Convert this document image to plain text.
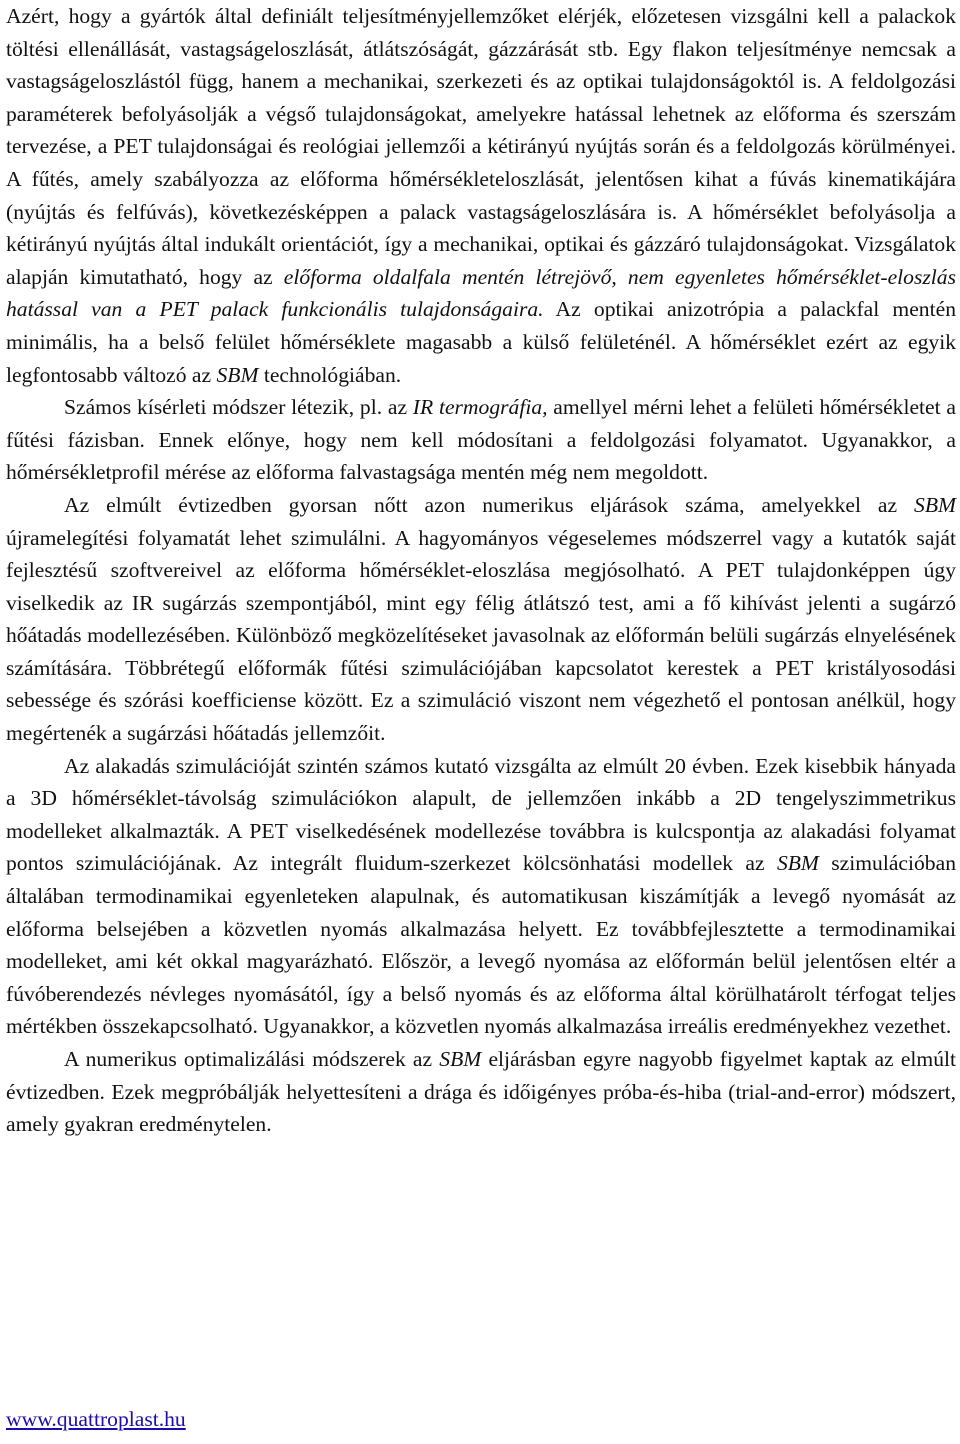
Azért, hogy a gyártók által definiált teljesítményjellemzőket elérjék, előzetesen vizsgálni kell a palackok töltési ellenállását, vastagságeloszlását, átlátszóságát, gázzárását stb. Egy flakon teljesítménye nemcsak a vastagságeloszlástól függ, hanem a mechanikai, szerkezeti és az optikai tulajdonságoktól is. A feldolgozási paraméterek befolyásolják a végső tulajdonságokat, amelyekre hatással lehetnek az előforma és szerszám tervezése, a PET tulajdonságai és reológiai jellemzői a kétirányú nyújtás során és a feldolgozás körülményei. A fűtés, amely szabályozza az előforma hőmérsékleteloszlását, jelentősen kihat a fúvás kinematikájára (nyújtás és felfúvás), következésképpen a palack vastagságeloszlására is. A hőmérséklet befolyásolja a kétirányú nyújtás által indukált orientációt, így a mechanikai, optikai és gázzáró tulajdonságokat. Vizsgálatok alapján kimutatható, hogy az előforma oldalfala mentén létrejövő, nem egyenletes hőmérséklet-eloszlás hatással van a PET palack funkcionális tulajdonságaira. Az optikai anizotrópia a palackfal mentén minimális, ha a belső felület hőmérséklete magasabb a külső felületénél. A hőmérséklet ezért az egyik legfontosabb változó az SBM technológiában.

Számos kísérleti módszer létezik, pl. az IR termográfia, amellyel mérni lehet a felületi hőmérsékletet a fűtési fázisban. Ennek előnye, hogy nem kell módosítani a feldolgozási folyamatot. Ugyanakkor, a hőmérsékletprofil mérése az előforma falvastagsága mentén még nem megoldott.

Az elmúlt évtizedben gyorsan nőtt azon numerikus eljárások száma, amelyekkel az SBM újramelegítési folyamatát lehet szimulálni. A hagyományos végeselemes módszerrel vagy a kutatók saját fejlesztésű szoftvereivel az előforma hőmérséklet-eloszlása megjósolható. A PET tulajdonképpen úgy viselkedik az IR sugárzás szempontjából, mint egy félig átlátszó test, ami a fő kihívást jelenti a sugárzó hőátadás modellezésében. Különböző megközelítéseket javasolnak az előformán belüli sugárzás elnyelésének számítására. Többrétegű előformák fűtési szimulációjában kapcsolatot kerestek a PET kristályosodási sebessége és szórási koefficiense között. Ez a szimuláció viszont nem végezhető el pontosan anélkül, hogy megértenék a sugárzási hőátadás jellemzőit.

Az alakadás szimulációját szintén számos kutató vizsgálta az elmúlt 20 évben. Ezek kisebbik hányada a 3D hőmérséklet-távolság szimulációkon alapult, de jellemzően inkább a 2D tengelyszimmetrikus modelleket alkalmazták. A PET viselkedésének modellezése továbbra is kulcspontja az alakadási folyamat pontos szimulációjának. Az integrált fluidum-szerkezet kölcsönhatási modellek az SBM szimulációban általában termodinamikai egyenleteken alapulnak, és automatikusan kiszámítják a levegő nyomását az előforma belsejében a közvetlen nyomás alkalmazása helyett. Ez továbbfejlesztette a termodinamikai modelleket, ami két okkal magyarázható. Először, a levegő nyomása az előformán belül jelentősen eltér a fúvóberendezés névleges nyomásától, így a belső nyomás és az előforma által körülhatárolt térfogat teljes mértékben összekapcsolható. Ugyanakkor, a közvetlen nyomás alkalmazása irreális eredményekhez vezethet.

A numerikus optimalizálási módszerek az SBM eljárásban egyre nagyobb figyelmet kaptak az elmúlt évtizedben. Ezek megpróbálják helyettesíteni a drága és időigényes próba-és-hiba (trial-and-error) módszert, amely gyakran eredménytelen.

www.quattroplast.hu
